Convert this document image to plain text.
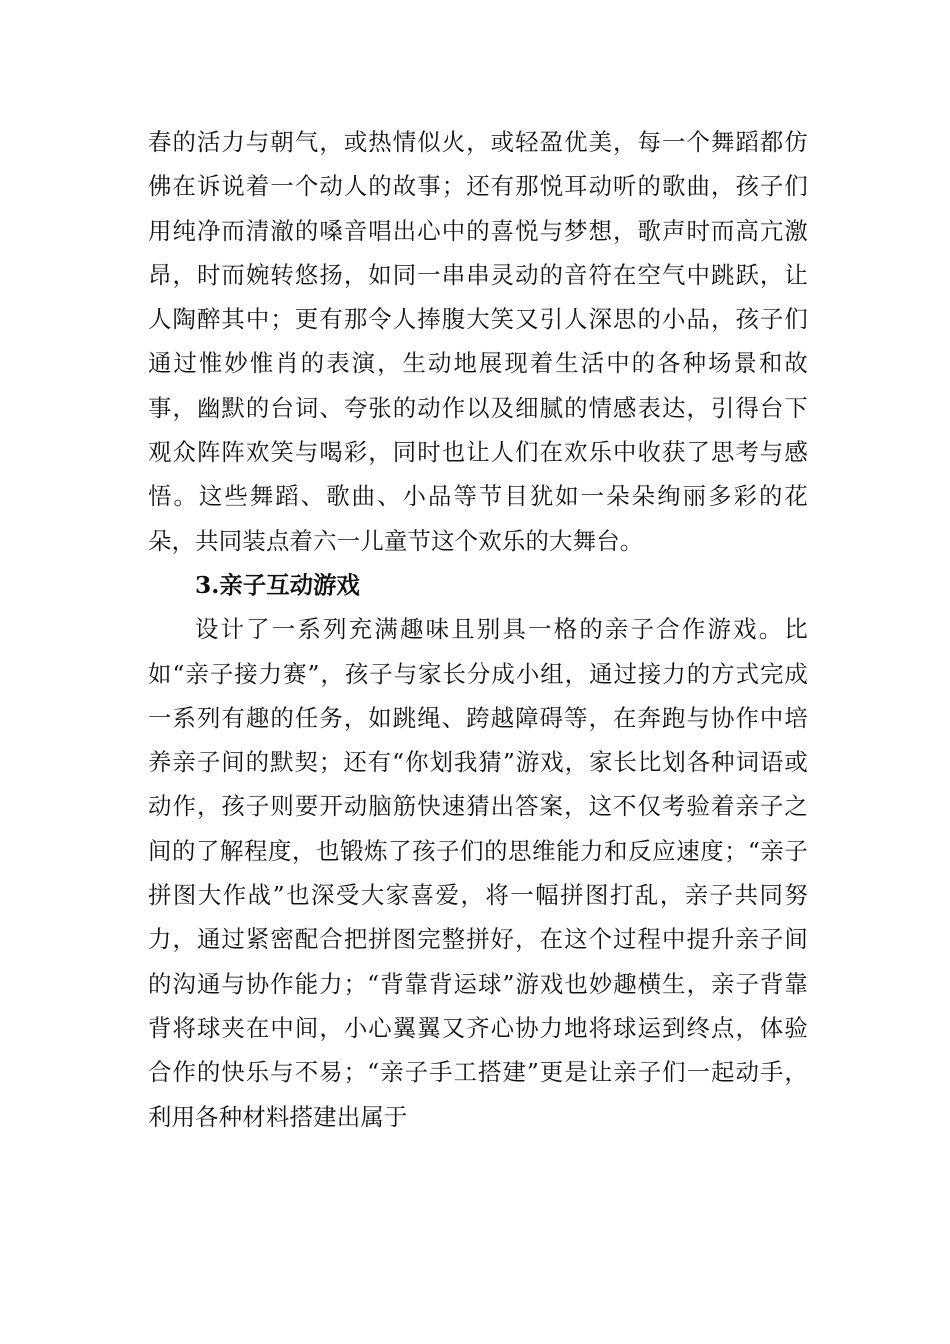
春的活力与朝气，或热情似火，或轻盈优美，每一个舞蹈都仿佛在诉说着一个动人的故事；还有那悦耳动听的歌曲，孩子们用纯净而清澈的嗓音唱出心中的喜悦与梦想，歌声时而高亢激昂，时而婉转悠扬，如同一串串灵动的音符在空气中跳跃，让人陶醉其中；更有那令人捧腹大笑又引人深思的小品，孩子们通过惟妙惟肖的表演，生动地展现着生活中的各种场景和故事，幽默的台词、夸张的动作以及细腻的情感表达，引得台下观众阵阵欢笑与喝彩，同时也让人们在欢乐中收获了思考与感悟。这些舞蹈、歌曲、小品等节目犹如一朵朵绚丽多彩的花朵，共同装点着六一儿童节这个欢乐的大舞台。

3.亲子互动游戏

设计了一系列充满趣味且别具一格的亲子合作游戏。比如“亲子接力赛”，孩子与家长分成小组，通过接力的方式完成一系列有趣的任务，如跳绳、跨越障碍等，在奔跑与协作中培养亲子间的默契；还有“你划我猜”游戏，家长比划各种词语或动作，孩子则要开动脑筋快速猜出答案，这不仅考验着亲子之间的了解程度，也锻炼了孩子们的思维能力和反应速度；“亲子拼图大作战”也深受大家喜爱，将一幅拼图打乱，亲子共同努力，通过紧密配合把拼图完整拼好，在这个过程中提升亲子间的沟通与协作能力；“背靠背运球”游戏也妙趣横生，亲子背靠背将球夹在中间，小心翼翼又齐心协力地将球运到终点，体验合作的快乐与不易；“亲子手工搭建”更是让亲子们一起动手，利用各种材料搭建出属于
